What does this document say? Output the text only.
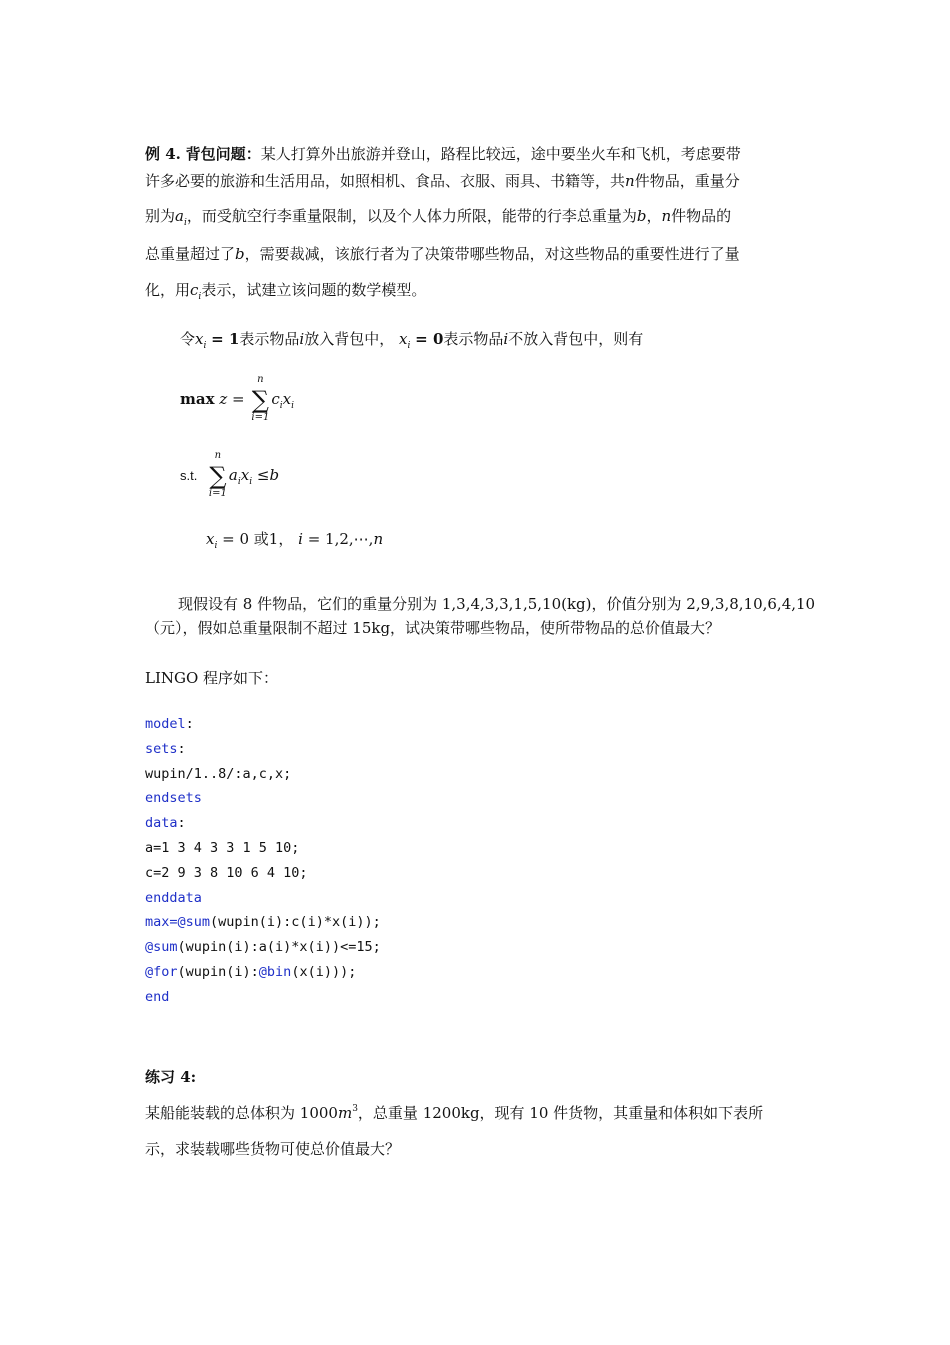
例 4. 背包问题：某人打算外出旅游并登山，路程比较远，途中要坐火车和飞机，考虑要带
许多必要的旅游和生活用品，如照相机、食品、衣服、雨具、书籍等，共n件物品，重量分
别为$a_i$，而受航空行李重量限制，以及个人体力所限，能带的行李总重量为b，n件物品的
总重量超过了b，需要裁减，该旅行者为了决策带哪些物品，对这些物品的重要性进行了量
化，用$c_i$表示，试建立该问题的数学模型。
令$x_i = 1$表示物品i放入背包中， $x_i = 0$表示物品i不放入背包中，则有
max z =
n
∑
i=1
$c_ix_i$
s.t.
n
∑
i=1
$a_ix_i \le b$
$x_i = 0$ 或1， i = 1,2,⋯,n
现假设有 8 件物品，它们的重量分别为 1,3,4,3,3,1,5,10(kg)，价值分别为 2,9,3,8,10,6,4,10
（元），假如总重量限制不超过 15kg，试决策带哪些物品，使所带物品的总价值最大？
LINGO 程序如下：
model:
sets:
wupin/1..8/:a,c,x;
endsets
data:
a=1 3 4 3 3 1 5 10;
c=2 9 3 8 10 6 4 10;
enddata
max=@sum(wupin(i):c(i)*x(i));
@sum(wupin(i):a(i)*x(i))<=15;
@for(wupin(i):@bin(x(i)));
end
练习 4:
某船能装载的总体积为 $1000m^3$，总重量 1200kg，现有 10 件货物，其重量和体积如下表所
示，求装载哪些货物可使总价值最大？
